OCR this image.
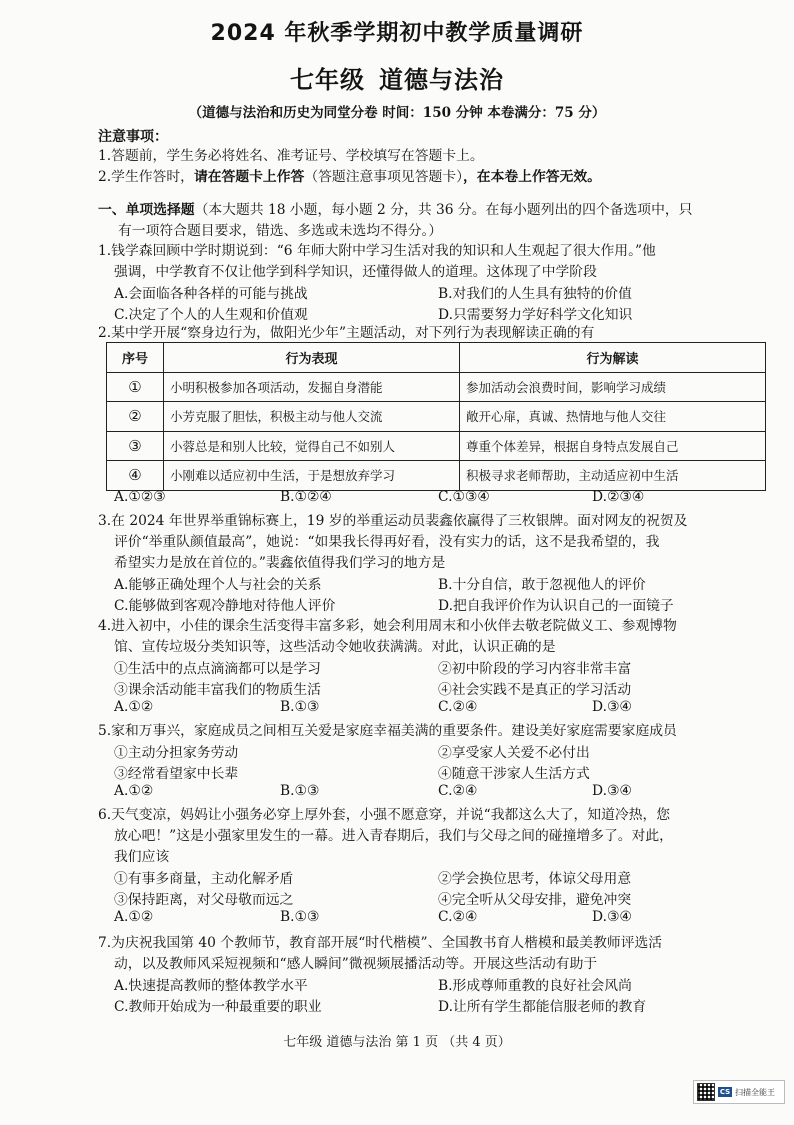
2024 年秋季学期初中教学质量调研
七年级 道德与法治
（道德与法治和历史为同堂分卷 时间：150 分钟 本卷满分：75 分）
注意事项：
1.答题前，学生务必将姓名、准考证号、学校填写在答题卡上。
2.学生作答时，请在答题卡上作答（答题注意事项见答题卡），在本卷上作答无效。
一、单项选择题（本大题共 18 小题，每小题 2 分，共 36 分。在每小题列出的四个备选项中，只
有一项符合题目要求，错选、多选或未选均不得分。）
1.钱学森回顾中学时期说到：“6 年师大附中学习生活对我的知识和人生观起了很大作用。”他
强调，中学教育不仅让他学到科学知识，还懂得做人的道理。这体现了中学阶段
A.会面临各种各样的可能与挑战	B.对我们的人生具有独特的价值
C.决定了个人的人生观和价值观	D.只需要努力学好科学文化知识
2.某中学开展“察身边行为，做阳光少年”主题活动，对下列行为表现解读正确的有
序号	行为表现	行为解读
①	小明积极参加各项活动，发掘自身潜能	参加活动会浪费时间，影响学习成绩
②	小芳克服了胆怯，积极主动与他人交流	敞开心扉，真诚、热情地与他人交往
③	小蓉总是和别人比较，觉得自己不如别人	尊重个体差异，根据自身特点发展自己
④	小刚难以适应初中生活，于是想放弃学习	积极寻求老师帮助，主动适应初中生活
A.①②③	B.①②④	C.①③④	D.②③④
3.在 2024 年世界举重锦标赛上，19 岁的举重运动员裴鑫依赢得了三枚银牌。面对网友的祝贺及
评价“举重队颜值最高”，她说：“如果我长得再好看，没有实力的话，这不是我希望的，我
希望实力是放在首位的。”裴鑫依值得我们学习的地方是
A.能够正确处理个人与社会的关系	B.十分自信，敢于忽视他人的评价
C.能够做到客观冷静地对待他人评价	D.把自我评价作为认识自己的一面镜子
4.进入初中，小佳的课余生活变得丰富多彩，她会利用周末和小伙伴去敬老院做义工、参观博物
馆、宣传垃圾分类知识等，这些活动令她收获满满。对此，认识正确的是
①生活中的点点滴滴都可以是学习	②初中阶段的学习内容非常丰富
③课余活动能丰富我们的物质生活	④社会实践不是真正的学习活动
A.①②	B.①③	C.②④	D.③④
5.家和万事兴，家庭成员之间相互关爱是家庭幸福美满的重要条件。建设美好家庭需要家庭成员
①主动分担家务劳动	②享受家人关爱不必付出
③经常看望家中长辈	④随意干涉家人生活方式
A.①②	B.①③	C.②④	D.③④
6.天气变凉，妈妈让小强务必穿上厚外套，小强不愿意穿，并说“我都这么大了，知道冷热，您
放心吧！”这是小强家里发生的一幕。进入青春期后，我们与父母之间的碰撞增多了。对此，
我们应该
①有事多商量，主动化解矛盾	②学会换位思考，体谅父母用意
③保持距离，对父母敬而远之	④完全听从父母安排，避免冲突
A.①②	B.①③	C.②④	D.③④
7.为庆祝我国第 40 个教师节，教育部开展“时代楷模”、全国教书育人楷模和最美教师评选活
动，以及教师风采短视频和“感人瞬间”微视频展播活动等。开展这些活动有助于
A.快速提高教师的整体教学水平	B.形成尊师重教的良好社会风尚
C.教师开始成为一种最重要的职业	D.让所有学生都能信服老师的教育
七年级 道德与法治 第 1 页 （共 4 页）
CS 扫描全能王
